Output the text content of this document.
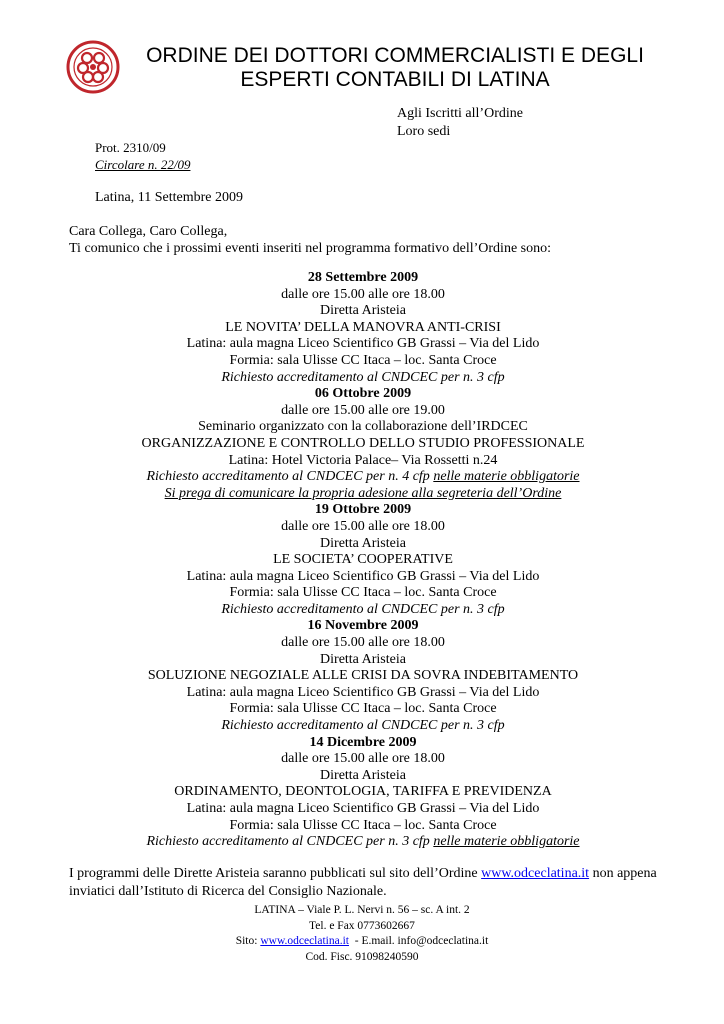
ORDINE DEI DOTTORI COMMERCIALISTI E DEGLI
ESPERTI CONTABILI DI LATINA
Agli Iscritti all’Ordine
Loro sedi
Prot. 2310/09
Circolare n. 22/09
Latina, 11 Settembre 2009
Cara Collega, Caro Collega,
Ti comunico che i prossimi eventi inseriti nel programma formativo dell’Ordine sono:
28 Settembre 2009
dalle ore 15.00 alle ore 18.00
Diretta Aristeia
LE NOVITA’ DELLA MANOVRA ANTI-CRISI
Latina: aula magna Liceo Scientifico GB Grassi – Via del Lido
Formia: sala Ulisse CC Itaca – loc. Santa Croce
Richiesto accreditamento al CNDCEC per n. 3 cfp
06 Ottobre 2009
dalle ore 15.00 alle ore 19.00
Seminario organizzato con la collaborazione dell’IRDCEC
ORGANIZZAZIONE E CONTROLLO DELLO STUDIO PROFESSIONALE
Latina: Hotel Victoria Palace– Via Rossetti n.24
Richiesto accreditamento al CNDCEC per n. 4 cfp nelle materie obbligatorie
Si prega di comunicare la propria adesione alla segreteria dell’Ordine
19 Ottobre 2009
dalle ore 15.00 alle ore 18.00
Diretta Aristeia
LE SOCIETA’ COOPERATIVE
Latina: aula magna Liceo Scientifico GB Grassi – Via del Lido
Formia: sala Ulisse CC Itaca – loc. Santa Croce
Richiesto accreditamento al CNDCEC per n. 3 cfp
16 Novembre 2009
dalle ore 15.00 alle ore 18.00
Diretta Aristeia
SOLUZIONE NEGOZIALE ALLE CRISI DA SOVRA INDEBITAMENTO
Latina: aula magna Liceo Scientifico GB Grassi – Via del Lido
Formia: sala Ulisse CC Itaca – loc. Santa Croce
Richiesto accreditamento al CNDCEC per n. 3 cfp
14 Dicembre 2009
dalle ore 15.00 alle ore 18.00
Diretta Aristeia
ORDINAMENTO, DEONTOLOGIA, TARIFFA E PREVIDENZA
Latina: aula magna Liceo Scientifico GB Grassi – Via del Lido
Formia: sala Ulisse CC Itaca – loc. Santa Croce
Richiesto accreditamento al CNDCEC per n. 3 cfp nelle materie obbligatorie
I programmi delle Dirette Aristeia saranno pubblicati sul sito dell’Ordine www.odceclatina.it non appena inviatici dall’Istituto di Ricerca del Consiglio Nazionale.
LATINA – Viale P. L. Nervi n. 56 – sc. A int. 2
Tel. e Fax 0773602667
Sito: www.odceclatina.it  - E.mail. info@odceclatina.it
Cod. Fisc. 91098240590
